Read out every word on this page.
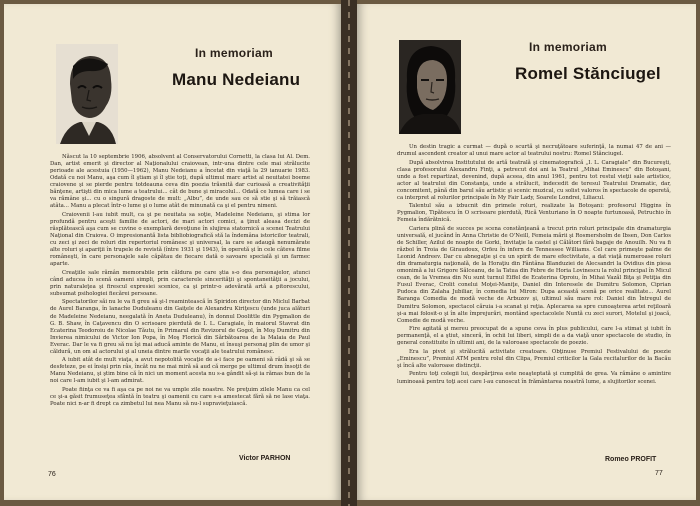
In memoriam
Manu Nedeianu

Născut la 10 septembrie 1906, absolvent al Conservatorului Cornetti, la clasa lui Al. Dem. Dan, artist emerit şi director al Naţionalului craiovean, intr-una dintre cele mai strălucite perioade ale acestuia (1950—1962), Manu Nedeianu a încetat din viaţă la 29 ianuarie 1983. Odată cu noi Manu, aşa cum îl ştiam şi îl ştie toţi, după ultimul marc artist al neuitatei boeme craiovene şi se pierde pentru totdeauna ceva din poezia trăsnită dar curioasă a creativităţii bănţene, artişti din mica lume a teatrului... cât de bune şi miracolul... Odată ce lumea care i se va rămâne şi... cu o singură dragoste de mult: „Albu”, de unde sau ce să stie şi să trăiască atâta... Manu a plecat într-o lume şi o lume atât de minunată ca şi el pentru nimeni.

Craiovenii l-au iubit mult, ca şi pe neuitata sa soţie, Madeleine Nedeianu, şi stima lor profundă pentru aceşti familie de actori, de mari actori comici, a ţinut aleasa decizi de răsplătească aşa cum se cuvine o exemplară devoţiune în slujirea statornică a scenei Teatrului Naţional din Craiova. O impresionantă lista bibliobiografică stă la îndemâna istoricilor teatrali, cu zeci şi zeci de roluri din repertoriul românesc şi universal, la care se adaugă nenumărate alte roluri şi apariţii în trupele de revistă (între 1931 şi 1943), în operetă şi în cele câteva filme româneşti, în care personajele sale căpătau de fiecare dată o savoare specială şi un farmec aparte.

Creaţiile sale rămân memorabile prin căldura pe care ştia s-o dea personajelor, atunci când aducea în scenă oameni simpli, prin caracterele sincerităţii şi spontaneităţii a jocului, prin naturaleţea şi firescul expresiei scenice, ca şi printr-o adevărată artă a pitorescului, subsumat psihologiei fiecărei persoane.

Spectatorilor săi nu le va fi greu să şi-l reamintească în Spiridon director din Miclul Barbat de Aurel Baranga, în lanache Duduleanu din Gaiţele de Alexandru Kiriţescu (unde juca alături de Madeleine Nedeianu, neegalată în Aneta Duduleanu), în donnul Doolittle din Pygmalion de G. B. Shaw, în Caţavencu din O scrisoare pierdută de I. L. Caragiale, în maiorul Stavrat din Ecaterina Teodoroiu de Nicolae Tăutu, în Primarul din Revizorul de Gogol, în Moş Dumitru din Invierea nimicului de Victor Ion Popa, în Moş Florică din Sărbătoarea de la Malaia de Paul Everac. Dar le va fi greu să nu îşi mai aducă aminte de Manu, ei însuşi personaj plin de umor şi căldură, un om al actorului şi al uneia dintre marile vocaţii ale teatrului românesc.

A iubit atât de mult viaţa, a avut nepotolită vocaţie de a-i face pe oameni să râdă şi să se desfeteze, pe ei însişi prin râs, încât nu ne mai miră să aud că merge pe ultimul drum însoţit de Manu Nedeianu, şi ştim bine că în nici un moment acesta nu s-a gândit să-şi ia rămas bun de la noi care l-am iubit şi l-am admirat.

Poate fiinţa ce va fi aşa ca pe noi ne va umple zile noastre. Ne preţuim zilele Manu ca cel ce şi-a găsit frumuseţea sfântă în teatru şi oamenii cu care s-a amestecat fără să ne lase viaţa. Poate nici n-ar fi drept ca zimbetul lui nea Manu să nu-l supravieţuiască.

Victor PARHON
76
In memoriam
Romel Stănciugel

Un destin tragic a curmat — după o scurtă şi necruţătoare suferinţă, la numai 47 de ani — drumul ascendent creator al unui mare actor al teatrului nostru: Romel Stănciugel.

După absolvirea Institutului de artă teatrală şi cinematografică „I. L. Caragiale” din Bucureşti, clasa profesorului Alexandru Finţi, a petrecut doi ani la Teatrul „Mihai Eminescu” din Botoşani, unde a fost repartizat, devenind, după aceea, din anul 1961, pentru tot restul vieţii sale artistice, actor al teatrului din Constanţa, unde a strălucit, indecedit de teresul Teatrului Dramatic, dar, concomitent, până din barul său artistic şi scenic muzical, cu solist valoros în spectacole de operetă, ca interpret al rolurilor principale în My Fair Lady, Soarele Londrei, Liliacul.

Talentul său a izbucnit din primele roluri, realizate la Botoşani: profesorul Higgins în Pygmalion, Tipătescu în O scrisoare pierdută, Rică Venturiano în O noapte furtunoasă, Petruchio în Femeia îndărătnică.

Cariera plină de succes pe scena constănţeană a trecut prin roluri principale din dramaturgia universală, el jucând în Anna Christie de O'Neill, Femeia mării şi Rosmersholm de Ibsen, Don Carlos de Schiller, Azilul de noapte de Gorki, Invitaţie la castel şi Călători fără bagaje de Anouilh. Nu va fi războl în Troia de Giraudoux, Orfeu în infern de Tennessee Williams. Cel care primeşte palme de Leonid Andreev. Dar cu abnegaţie şi cu un spirit de mare efectivitate, a dat viaţă numeroase roluri din dramaturgia naţională, de la Horaţiu din Fântâna Blanduziei de Alecsandri la Ovidius din piesa omonimă a lui Grigore Sălceanu, de la Tatua din Febre de Horia Lovinescu la rolul principal în Micul cean, de la Vremea din Nu sunt turnul Eiffel de Ecaterina Oproiu, în Mihai Vazăl Biţa şi Petiţia din Fusul Everac, Crolit conelui Moţei-Maniţe, Daniel din Interesele de Dumitru Solomon, Ciprian Pudoca din Zalaha Jubiliar, în comedia lui Miron: Dupa această scenă pe orice realitate... Aurel Baranga Comedia de modă veche de Arbuzov şi, ultimul său mare rol: Daniel din Întregul de Dumitru Solomon, spectacol căruia i-a scanat şi reţia. Aplecarea sa spre cunoaşterea artei reţiloară şi-a mai folosit-o şi în alte împrejurări, montând spectacolele Nuntă cu zeci surori, Motelul şi joacă, Comedie de modă veche.

Fire agitată şi mereu preocupat de a spune ceva în plus publicului, care l-a stimat şi iubit în permanenţă, el a ştiut, sinceră, în ochii lui liberi, simpli de a da viaţă unor spectacole de studio, în general constituite în ultimii ani, de la valoroase spectacole de poezie.

Era la pivot şi strălucită activitate creatoare. Obţinuse Premiul Festivalului de poezie „Eminescu”, Premiul ATM pentru rolul din Clipa, Premiul criticilor la Gala recitalurilor de la Bacău şi încă alte valoroase distincţii.

Pentru toţi colegii lui, despărţirea este neaşteptată şi cumplită de grea. Va rămâne o amintire luminoasă pentru toţi acei care l-au cunoscut în frământarea noastră lume, a slujitorilor scenei.

Romeo PROFIT
77
